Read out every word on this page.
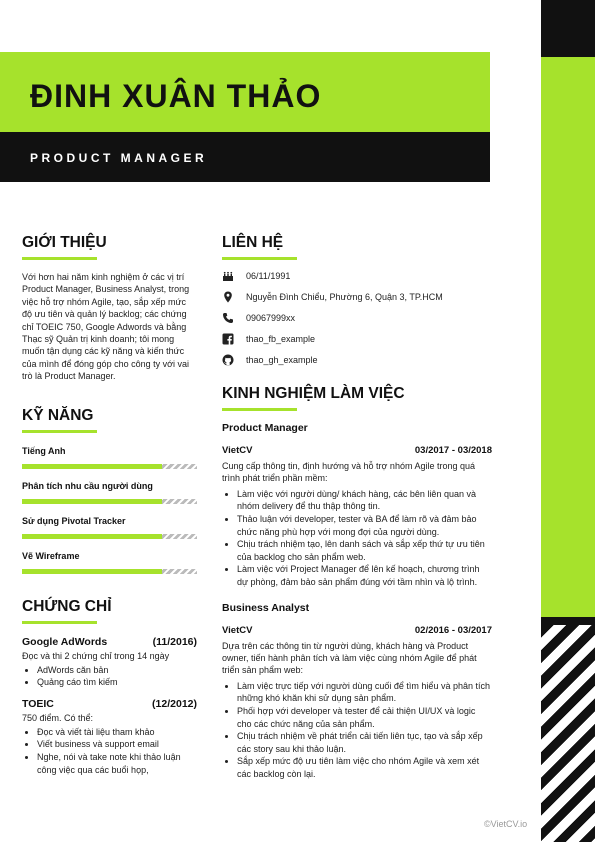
ĐINH XUÂN THẢO
PRODUCT MANAGER
GIỚI THIỆU
Với hơn hai năm kinh nghiệm ở các vị trí Product Manager, Business Analyst, trong việc hỗ trợ nhóm Agile, tạo, sắp xếp mức độ ưu tiên và quản lý backlog; các chứng chỉ TOEIC 750, Google Adwords và bằng Thạc sỹ Quản trị kinh doanh; tôi mong muốn tận dụng các kỹ năng và kiến thức của mình để đóng góp cho công ty với vai trò là Product Manager.
KỸ NĂNG
Tiếng Anh
Phân tích nhu cầu người dùng
Sử dụng Pivotal Tracker
Vẽ Wireframe
CHỨNG CHỈ
Google AdWords	(11/2016)
Đọc và thi 2 chứng chỉ trong 14 ngày
• AdWords căn bản
• Quảng cáo tìm kiếm
TOEIC	(12/2012)
750 điểm. Có thể:
• Đọc và viết tài liệu tham khảo
• Viết business và support email
• Nghe, nói và take note khi thảo luận công việc qua các buổi họp,
LIÊN HỆ
06/11/1991
Nguyễn Đình Chiểu, Phường 6, Quận 3, TP.HCM
09067999xx
thao_fb_example
thao_gh_example
KINH NGHIỆM LÀM VIỆC
Product Manager
VietCV	03/2017 - 03/2018
Cung cấp thông tin, định hướng và hỗ trợ nhóm Agile trong quá trình phát triển phần mềm:
• Làm việc với người dùng/ khách hàng, các bên liên quan và nhóm delivery để thu thập thông tin.
• Thảo luận với developer, tester và BA để làm rõ và đảm bảo chức năng phù hợp với mong đợi của người dùng.
• Chịu trách nhiệm tạo, lên danh sách và sắp xếp thứ tự ưu tiên của backlog cho sản phẩm web.
• Làm việc với Project Manager để lên kế hoạch, chương trình dự phòng, đảm bảo sản phẩm đúng với tầm nhìn và lộ trình.
Business Analyst
VietCV	02/2016 - 03/2017
Dựa trên các thông tin từ người dùng, khách hàng và Product owner, tiến hành phân tích và làm việc cùng nhóm Agile để phát triển sản phẩm web:
• Làm việc trực tiếp với người dùng cuối để tìm hiểu và phân tích những khó khăn khi sử dụng sản phẩm.
• Phối hợp với developer và tester để cải thiện UI/UX và logic cho các chức năng của sản phẩm.
• Chịu trách nhiệm về phát triển cải tiến liên tục, tạo và sắp xếp các story sau khi thảo luận.
• Sắp xếp mức độ ưu tiên làm việc cho nhóm Agile và xem xét các backlog còn lại.
©VietCV.io
